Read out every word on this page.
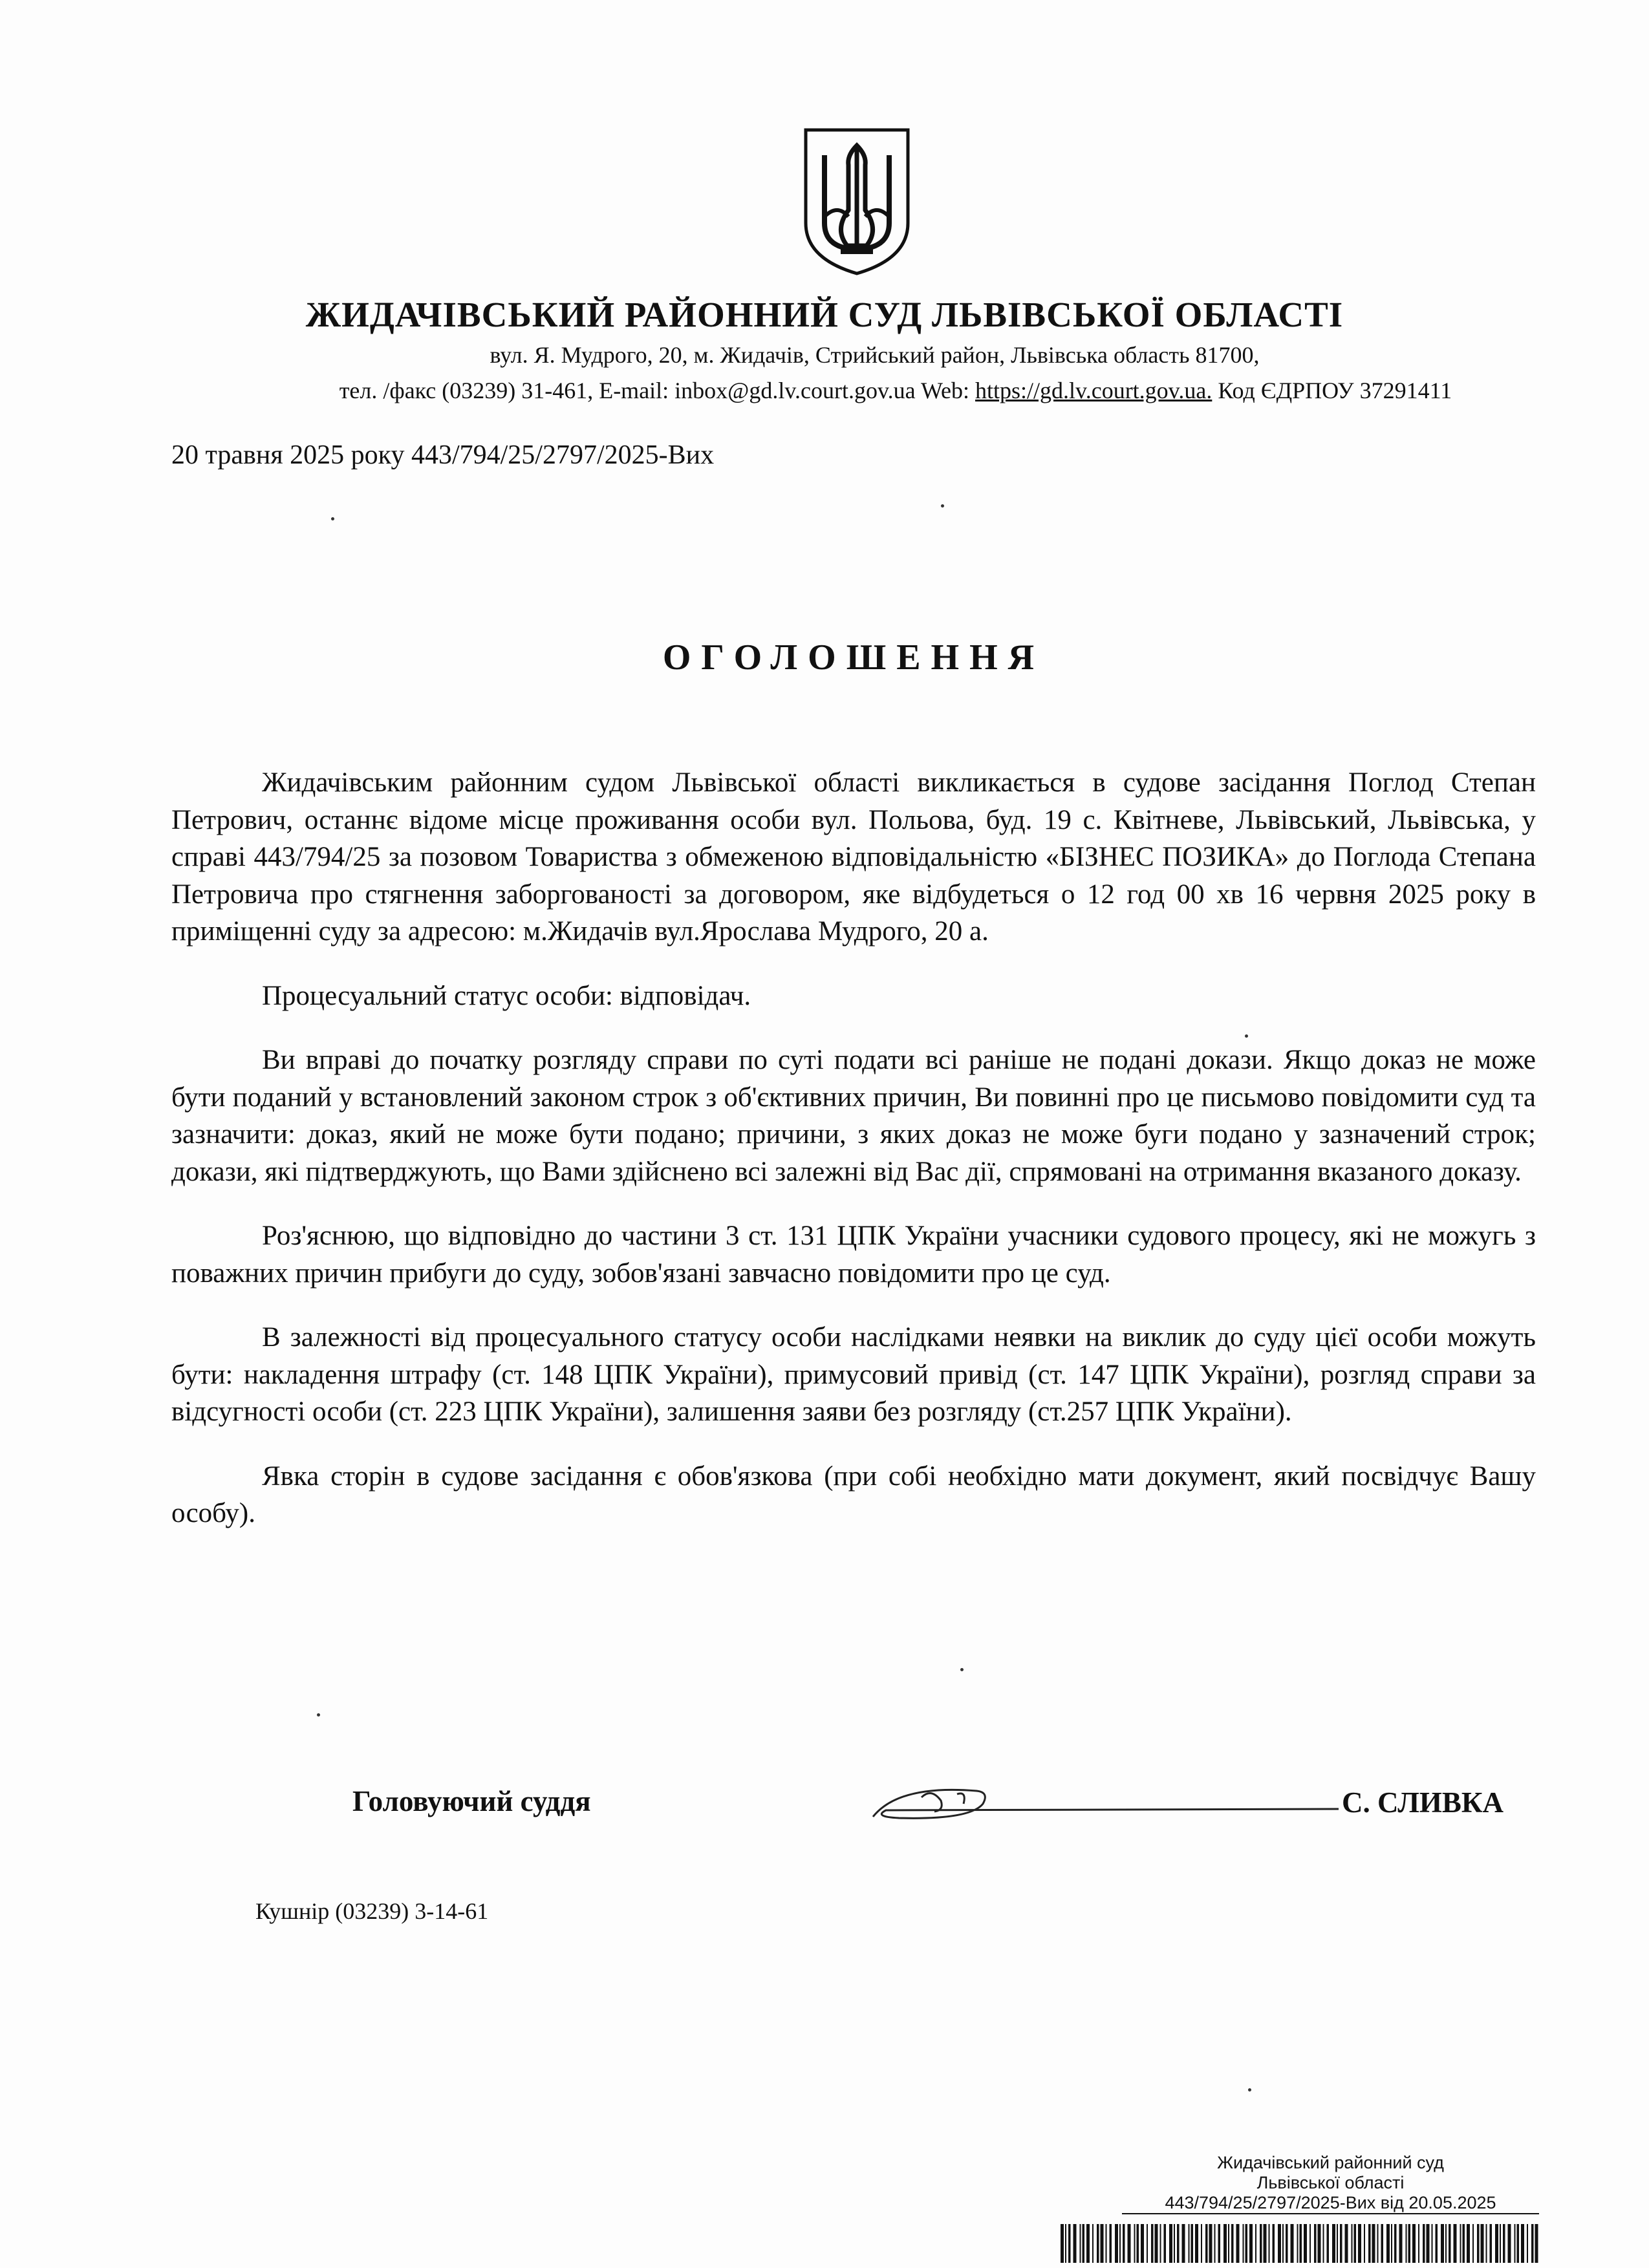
ЖИДАЧІВСЬКИЙ РАЙОННИЙ СУД ЛЬВІВСЬКОЇ ОБЛАСТІ
вул. Я. Мудрого, 20, м. Жидачів, Стрийський район, Львівська область 81700,
тел. /факс (03239) 31-461, E-mail: inbox@gd.lv.court.gov.ua Web: https://gd.lv.court.gov.ua. Код ЄДРПОУ 37291411
20 травня 2025 року 443/794/25/2797/2025-Вих
ОГОЛОШЕННЯ

Жидачівським районним судом Львівської області викликається в судове засідання Поглод Степан Петрович, останнє відоме місце проживання особи вул. Польова, буд. 19 с. Квітневе, Львівський, Львівська, у справі 443/794/25 за позовом Товариства з обмеженою відповідальністю «БІЗНЕС ПОЗИКА» до Поглода Степана Петровича про стягнення заборгованості за договором, яке відбудеться о 12 год 00 хв 16 червня 2025 року в приміщенні суду за адресою: м.Жидачів вул.Ярослава Мудрого, 20 а.

Процесуальний статус особи: відповідач.

Ви вправі до початку розгляду справи по суті подати всі раніше не подані докази. Якщо доказ не може бути поданий у встановлений законом строк з об'єктивних причин, Ви повинні про це письмово повідомити суд та зазначити: доказ, який не може бути подано; причини, з яких доказ не може буги подано у зазначений строк; докази, які підтверджують, що Вами здійснено всі залежні від Вас дії, спрямовані на отримання вказаного доказу.

Роз'яснюю, що відповідно до частини 3 ст. 131 ЦПК України учасники судового процесу, які не можугь з поважних причин прибуги до суду, зобов'язані завчасно повідомити про це суд.

В залежності від процесуального статусу особи наслідками неявки на виклик до суду цієї особи можуть бути: накладення штрафу (ст. 148 ЦПК України), примусовий привід (ст. 147 ЦПК України), розгляд справи за відсугності особи (ст. 223 ЦПК України), залишення заяви без розгляду (ст.257 ЦПК України).

Явка сторін в судове засідання є обов'язкова (при собі необхідно мати документ, який посвідчує Вашу особу).

Головуючий суддя	С. СЛИВКА
Кушнір (03239) 3-14-61
Жидачівський районний суд
Львівської області
443/794/25/2797/2025-Вих від 20.05.2025
